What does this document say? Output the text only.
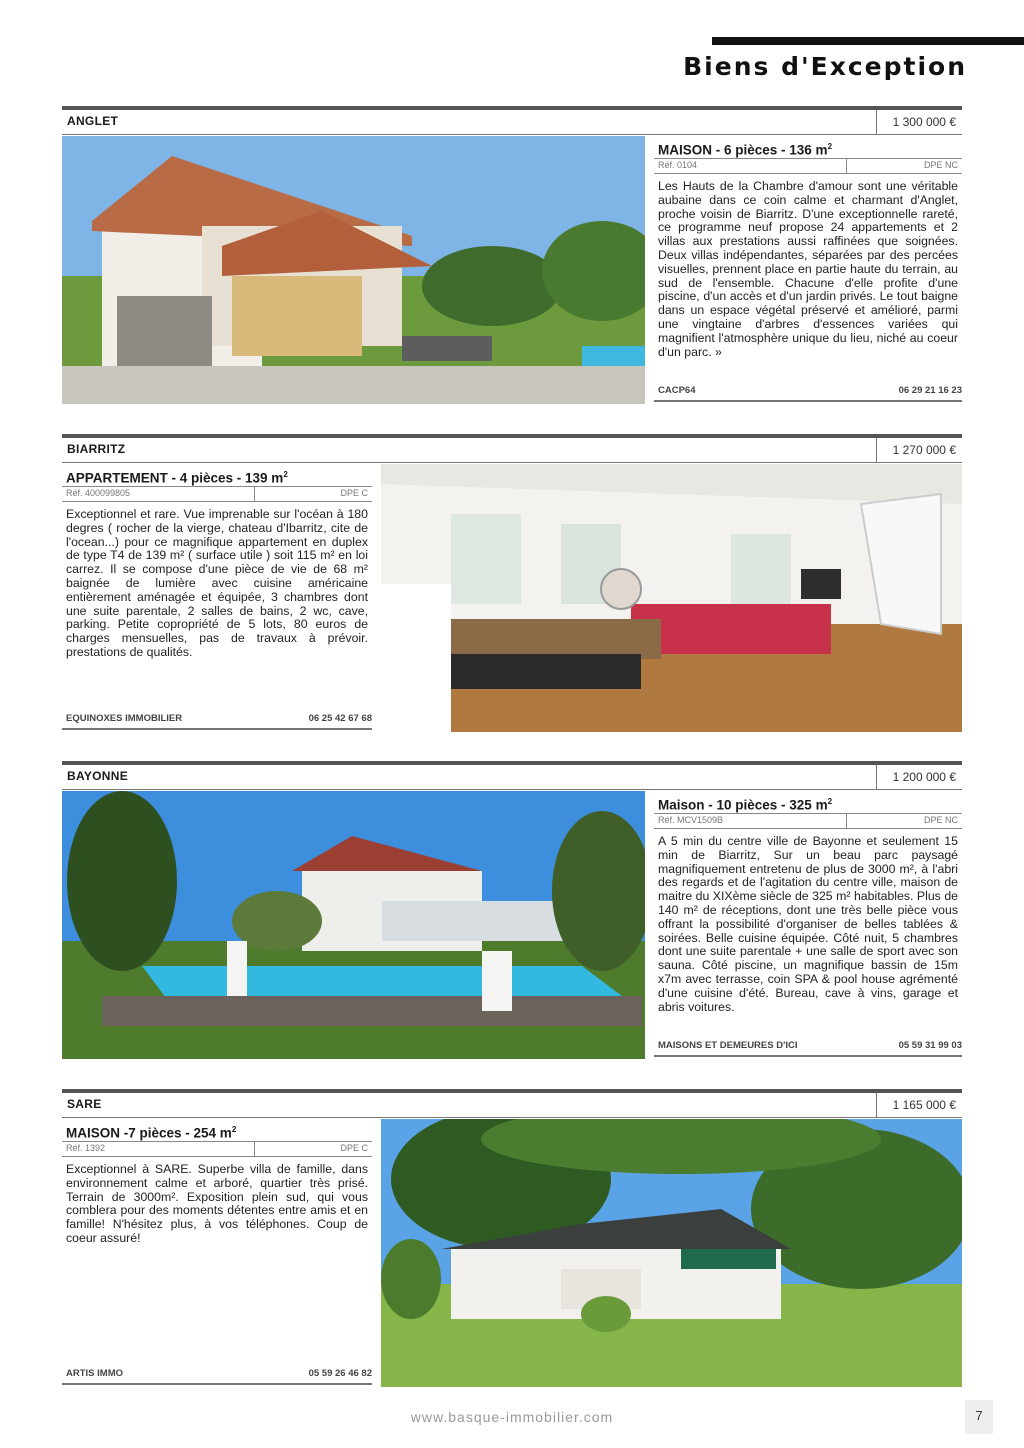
Biens d'Exception
ANGLET	1 300 000 €
MAISON - 6 pièces - 136 $m^2$
Réf. 0104	DPE NC

Les Hauts de la Chambre d'amour sont une véritable aubaine dans ce coin calme et charmant d'Anglet, proche voisin de Biarritz. D'une exceptionnelle rareté, ce programme neuf propose 24 appartements et 2 villas aux prestations aussi raffinées que soignées. Deux villas indépendantes, séparées par des percées visuelles, prennent place en partie haute du terrain, au sud de l'ensemble. Chacune d'elle profite d'une piscine, d'un accès et d'un jardin privés. Le tout baigne dans un espace végétal préservé et amélioré, parmi une vingtaine d'arbres d'essences variées qui magnifient l'atmosphère unique du lieu, niché au coeur d'un parc. »

CACP64	06 29 21 16 23
BIARRITZ	1 270 000 €
APPARTEMENT - 4 pièces - 139 $m^2$
Réf. 400099805	DPE C

Exceptionnel et rare. Vue imprenable sur l'océan à 180 degres ( rocher de la vierge, chateau d'Ibarritz, cite de l'ocean...) pour ce magnifique appartement en duplex de type T4 de 139 m² ( surface utile ) soit 115 m² en loi carrez. Il se compose d'une pièce de vie de 68 m² baignée de lumière avec cuisine américaine entièrement aménagée et équipée, 3 chambres dont une suite parentale, 2 salles de bains, 2 wc, cave, parking. Petite copropriété de 5 lots, 80 euros de charges mensuelles, pas de travaux à prévoir. prestations de qualités.

EQUINOXES IMMOBILIER	06 25 42 67 68
BAYONNE	1 200 000 €
Maison - 10 pièces - 325 $m^2$
Réf. MCV1509B	DPE NC

A 5 min du centre ville de Bayonne et seulement 15 min de Biarritz, Sur un beau parc paysagé magnifiquement entretenu de plus de 3000 m², à l'abri des regards et de l'agitation du centre ville, maison de maitre du XIXème siècle de 325 m² habitables. Plus de 140 m² de réceptions, dont une très belle pièce vous offrant la possibilité d'organiser de belles tablées & soirées. Belle cuisine équipée. Côté nuit, 5 chambres dont une suite parentale + une salle de sport avec son sauna. Côté piscine, un magnifique bassin de 15m x7m avec terrasse, coin SPA & pool house agrémenté d'une cuisine d'été. Bureau, cave à vins, garage et abris voitures.

MAISONS ET DEMEURES D'ICI	05 59 31 99 03
SARE	1 165 000 €
MAISON -7 pièces - 254 $m^2$
Réf. 1392	DPE C

Exceptionnel à SARE. Superbe villa de famille, dans environnement calme et arboré, quartier très prisé. Terrain de 3000m². Exposition plein sud, qui vous comblera pour des moments détentes entre amis et en famille! N'hésitez plus, à vos téléphones. Coup de coeur assuré!

ARTIS IMMO	05 59 26 46 82
www.basque-immobilier.com	7
